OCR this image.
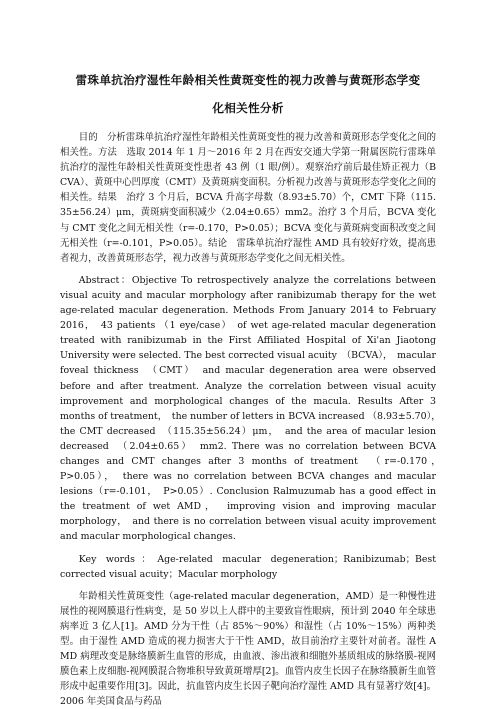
雷珠单抗治疗湿性年龄相关性黄斑变性的视力改善与黄斑形态学变
化相关性分析

目的　分析雷珠单抗治疗湿性年龄相关性黄斑变性的视力改善和黄斑形态学变化之间的相关性。方法　选取 2014 年 1 月～2016 年 2 月在西安交通大学第一附属医院行雷珠单抗治疗的湿性年龄相关性黄斑变性患者 43 例（1 眼/例）。观察治疗前后最佳矫正视力（BCVA）、黄斑中心凹厚度（CMT）及黄斑病变面积。分析视力改善与黄斑形态学变化之间的相关性。结果　治疗 3 个月后，BCVA 升高字母数（8.93±5.70）个，CMT 下降（115.35±56.24）μm，黄斑病变面积减少（2.04±0.65）mm2。治疗 3 个月后，BCVA 变化与 CMT 变化之间无相关性（r=-0.170，P>0.05）；BCVA 变化与黄斑病变面积改变之间无相关性（r=-0.101，P>0.05）。结论　雷珠单抗治疗湿性 AMD 具有较好疗效，提高患者视力，改善黄斑形态学，视力改善与黄斑形态学变化之间无相关性。

Abstract：Objective To retrospectively analyze the correlations between visual acuity and macular morphology after ranibizumab therapy for the wet age-related macular degeneration. Methods From January 2014 to February 2016，　43 patients （1 eye/case）　of wet age-related macular degeneration treated with ranibizumab in the First Affiliated Hospital of Xi'an Jiaotong University were selected. The best corrected visual acuity　（BCVA），　macular foveal thickness　（CMT）　and macular degeneration area were observed before and after treatment. Analyze the correlation between visual acuity improvement and morphological changes of the macula. Results After 3 months of treatment，　the number of letters in BCVA increased （8.93±5.70），　the CMT decreased　（115.35±56.24）μm，　and the area of macular lesion decreased　（2.04±0.65）　mm2. There was no correlation between BCVA changes and CMT changes after 3 months of treatment　（r=-0.170，　P>0.05），　there was no correlation between BCVA changes and macular lesions（r=-0.101，　P>0.05）. Conclusion Ralmuzumab has a good effect in the treatment of wet AMD，　improving vision and improving macular morphology，　and there is no correlation between visual acuity improvement and macular morphological changes.

Key words：Age-related macular degeneration；Ranibizumab；Best corrected visual acuity；Macular morphology

年龄相关性黄斑变性（age-related macular degeneration，AMD）是一种慢性进展性的视网膜退行性病变，是 50 岁以上人群中的主要致盲性眼病，预计到 2040 年全球患病率近 3 亿人[1]。AMD 分为干性（占 85%～90%）和湿性（占 10%～15%）两种类型。由于湿性 AMD 造成的视力损害大于干性 AMD，故目前治疗主要针对前者。湿性 AMD 病理改变是脉络膜新生血管的形成，由血液、渗出液和细胞外基质组成的脉络膜-视网膜色素上皮细胞-视网膜混合物堆积导致黄斑增厚[2]。血管内皮生长因子在脉络膜新生血管形成中起重要作用[3]。因此，抗血管内皮生长因子靶向治疗湿性 AMD 具有显著疗效[4]。2006 年美国食品与药品
